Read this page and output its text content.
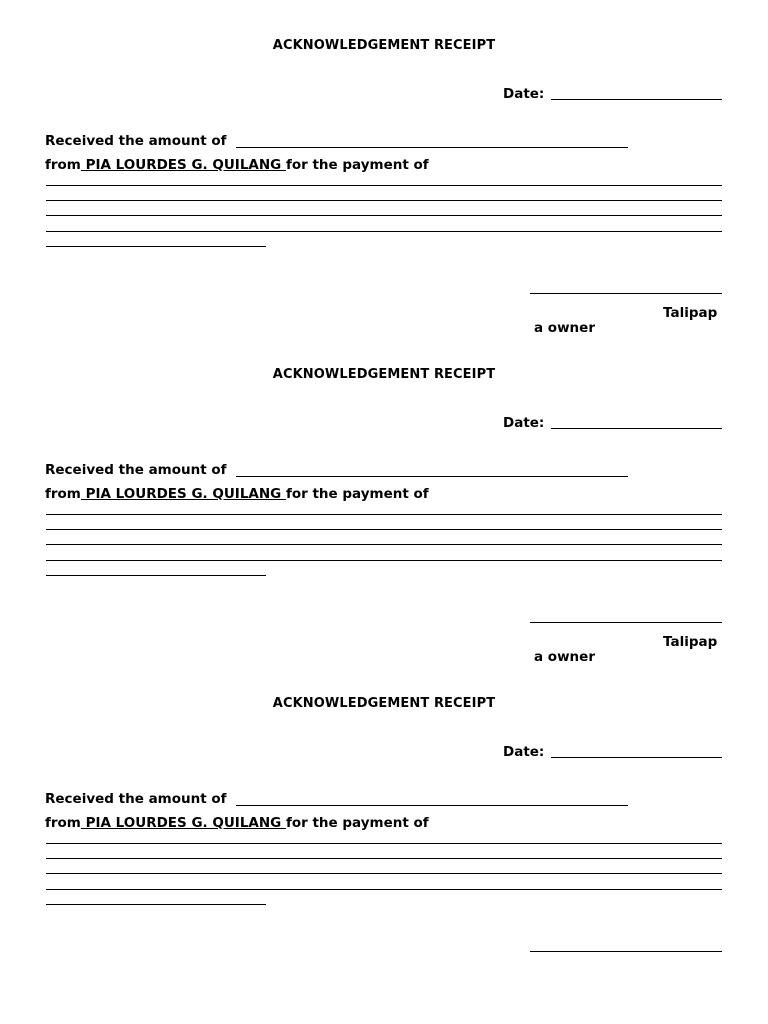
ACKNOWLEDGEMENT RECEIPT
Date:
Received the amount of
from PIA LOURDES G. QUILANG for the payment of
Talipap
a owner
ACKNOWLEDGEMENT RECEIPT
Date:
Received the amount of
from PIA LOURDES G. QUILANG for the payment of
Talipap
a owner
ACKNOWLEDGEMENT RECEIPT
Date:
Received the amount of
from PIA LOURDES G. QUILANG for the payment of
